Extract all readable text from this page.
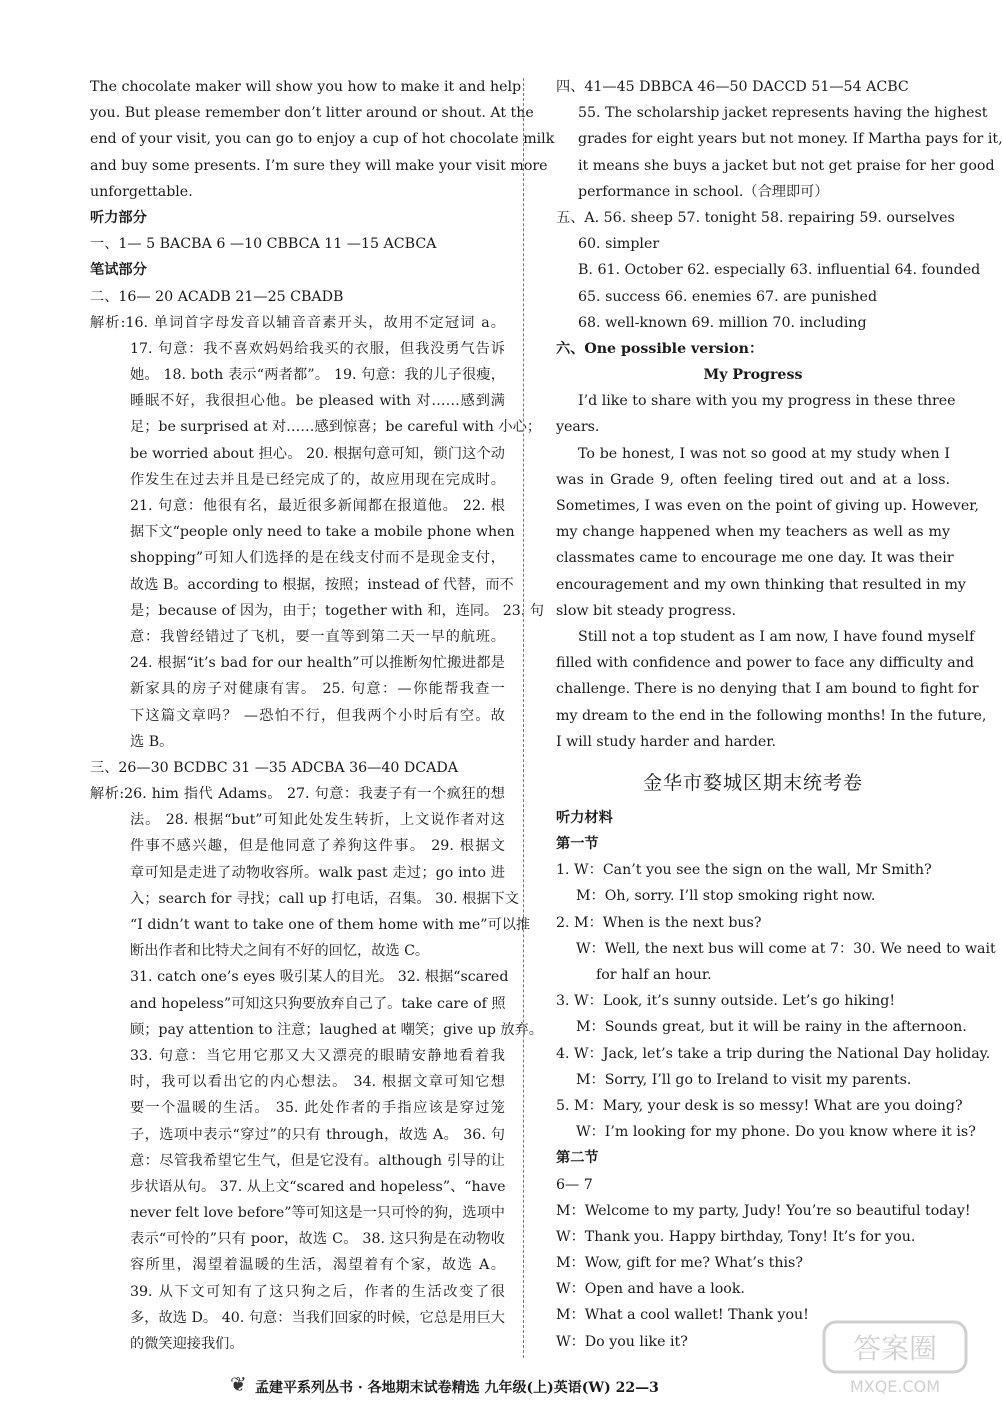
The chocolate maker will show you how to make it and help
you. But please remember don’t litter around or shout. At the
end of your visit, you can go to enjoy a cup of hot chocolate milk
and buy some presents. I’m sure they will make your visit more
unforgettable.
听力部分
一、1— 5 BACBA 6 —10 CBBCA 11 —15 ACBCA
笔试部分
二、16— 20 ACADB 21—25 CBADB
解析:16. 单词首字母发音以辅音音素开头，故用不定冠词 a。
17. 句意：我不喜欢妈妈给我买的衣服，但我没勇气告诉
她。 18. both 表示“两者都”。 19. 句意：我的儿子很瘦，
睡眠不好，我很担心他。be pleased with 对……感到满
足；be surprised at 对……感到惊喜；be careful with 小心；
be worried about 担心。 20. 根据句意可知，锁门这个动
作发生在过去并且是已经完成了的，故应用现在完成时。
21. 句意：他很有名，最近很多新闻都在报道他。 22. 根
据下文“people only need to take a mobile phone when
shopping”可知人们选择的是在线支付而不是现金支付，
故选 B。according to 根据，按照；instead of 代替，而不
是；because of 因为，由于；together with 和，连同。 23. 句
意：我曾经错过了飞机，要一直等到第二天一早的航班。
24. 根据“it’s bad for our health”可以推断匆忙搬进都是
新家具的房子对健康有害。 25. 句意：—你能帮我查一
下这篇文章吗？ —恐怕不行，但我两个小时后有空。故
选 B。
三、26—30 BCDBC 31 —35 ADCBA 36—40 DCADA
解析:26. him 指代 Adams。 27. 句意：我妻子有一个疯狂的想
法。 28. 根据“but”可知此处发生转折，上文说作者对这
件事不感兴趣，但是他同意了养狗这件事。 29. 根据文
章可知是走进了动物收容所。walk past 走过；go into 进
入；search for 寻找；call up 打电话，召集。 30. 根据下文
“I didn’t want to take one of them home with me”可以推
断出作者和比特犬之间有不好的回忆，故选 C。
31. catch one’s eyes 吸引某人的目光。 32. 根据“scared
and hopeless”可知这只狗要放弃自己了。take care of 照
顾；pay attention to 注意；laughed at 嘲笑；give up 放弃。
33. 句意：当它用它那又大又漂亮的眼睛安静地看着我
时，我可以看出它的内心想法。 34. 根据文章可知它想
要一个温暖的生活。 35. 此处作者的手指应该是穿过笼
子，选项中表示“穿过”的只有 through，故选 A。 36. 句
意：尽管我希望它生气，但是它没有。although 引导的让
步状语从句。 37. 从上文“scared and hopeless”、“have
never felt love before”等可知这是一只可怜的狗，选项中
表示“可怜的”只有 poor，故选 C。 38. 这只狗是在动物收
容所里，渴望着温暖的生活，渴望着有个家，故选 A。
39. 从下文可知有了这只狗之后，作者的生活改变了很
多，故选 D。 40. 句意：当我们回家的时候，它总是用巨大
的微笑迎接我们。
四、41—45 DBBCA 46—50 DACCD 51—54 ACBC
55. The scholarship jacket represents having the highest
grades for eight years but not money. If Martha pays for it,
it means she buys a jacket but not get praise for her good
performance in school.（合理即可）
五、A. 56. sheep 57. tonight 58. repairing 59. ourselves
60. simpler
B. 61. October 62. especially 63. influential 64. founded
65. success 66. enemies 67. are punished
68. well-known 69. million 70. including
六、One possible version：
My Progress
I’d like to share with you my progress in these three
years.
To be honest, I was not so good at my study when I
was in Grade 9, often feeling tired out and at a loss.
Sometimes, I was even on the point of giving up. However,
my change happened when my teachers as well as my
classmates came to encourage me one day. It was their
encouragement and my own thinking that resulted in my
slow bit steady progress.
Still not a top student as I am now, I have found myself
filled with confidence and power to face any difficulty and
challenge. There is no denying that I am bound to fight for
my dream to the end in the following months! In the future,
I will study harder and harder.
金华市婺城区期末统考卷
听力材料
第一节
1. W：Can’t you see the sign on the wall, Mr Smith?
M：Oh, sorry. I’ll stop smoking right now.
2. M：When is the next bus?
W：Well, the next bus will come at 7：30. We need to wait
for half an hour.
3. W：Look, it’s sunny outside. Let’s go hiking!
M：Sounds great, but it will be rainy in the afternoon.
4. W：Jack, let’s take a trip during the National Day holiday.
M：Sorry, I’ll go to Ireland to visit my parents.
5. M：Mary, your desk is so messy! What are you doing?
W：I’m looking for my phone. Do you know where it is?
第二节
6— 7
M：Welcome to my party, Judy! You’re so beautiful today!
W：Thank you. Happy birthday, Tony! It’s for you.
M：Wow, gift for me? What’s this?
W：Open and have a look.
M：What a cool wallet! Thank you!
W：Do you like it?
❦ 孟建平系列丛书 · 各地期末试卷精选 九年级(上)英语(W) 22—3
答案圈
MXQE.COM
